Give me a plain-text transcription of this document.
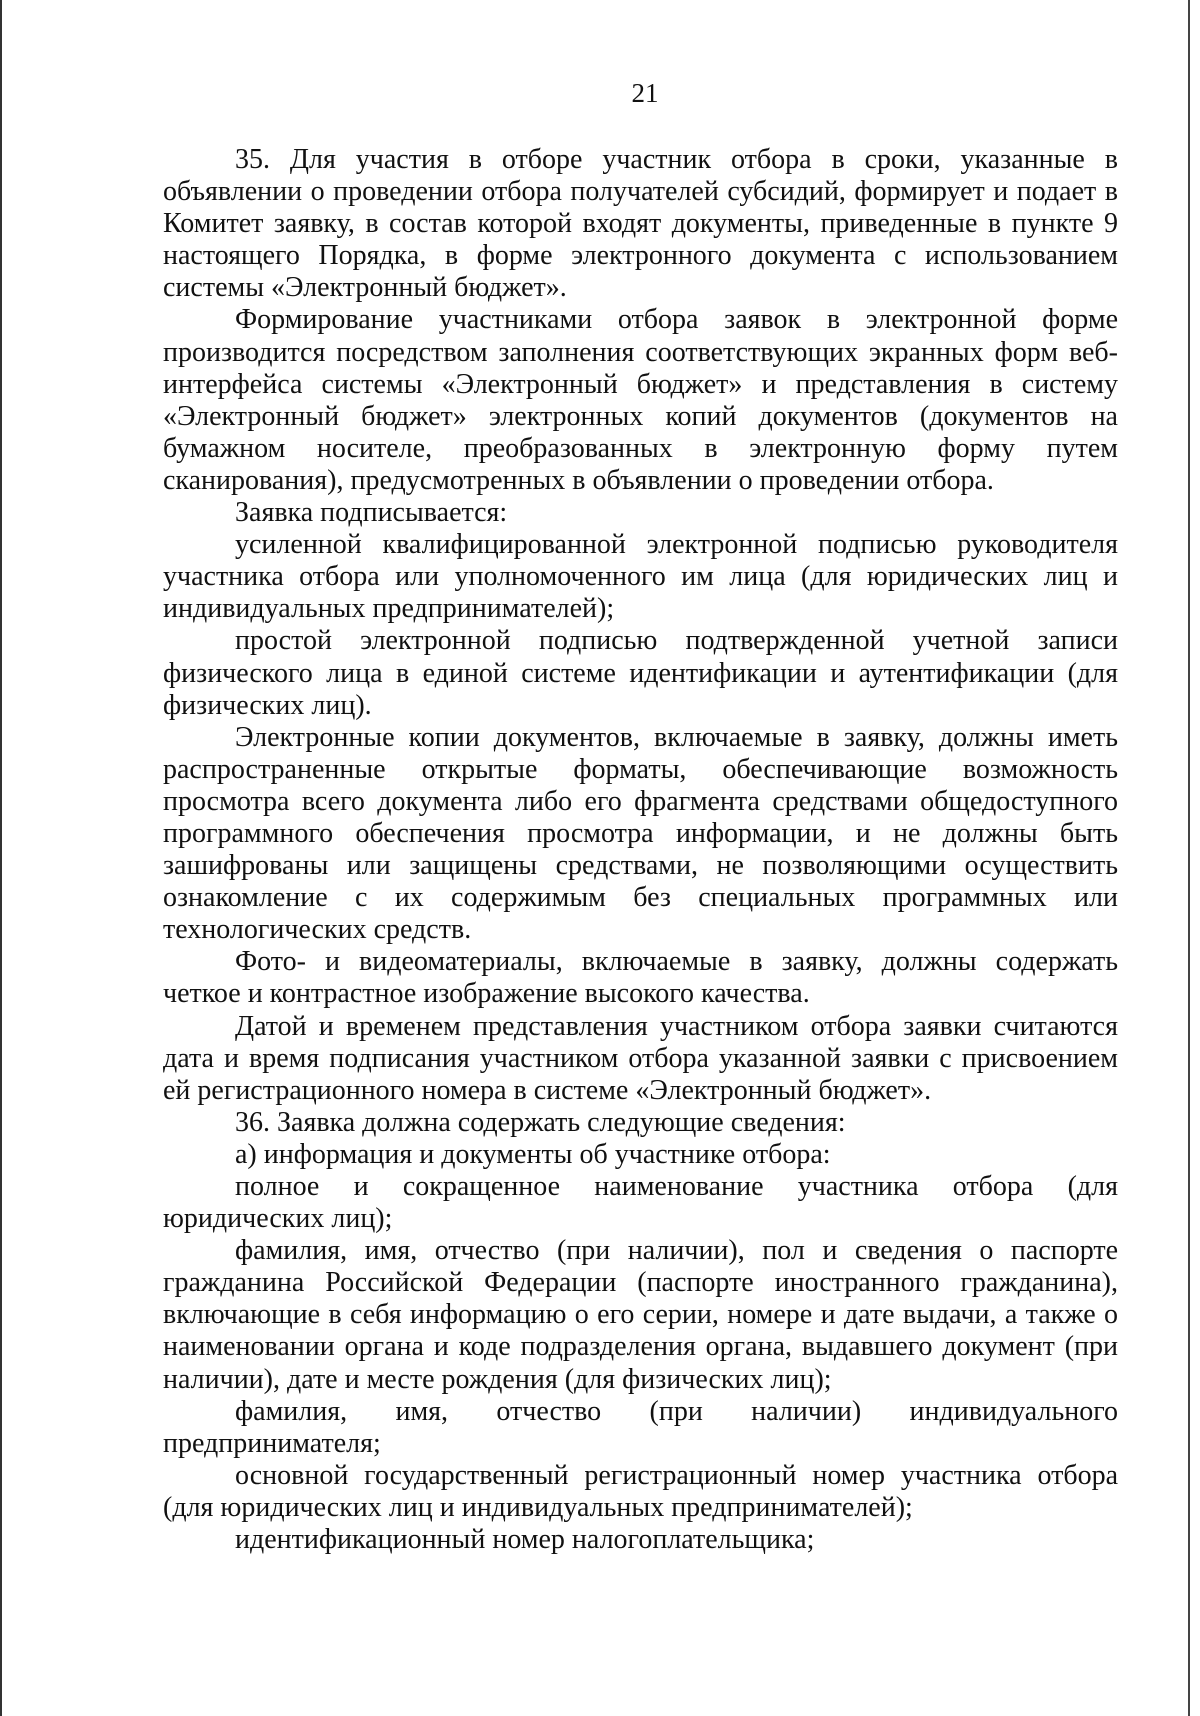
21

35. Для участия в отборе участник отбора в сроки, указанные в объявлении о проведении отбора получателей субсидий, формирует и подает в Комитет заявку, в состав которой входят документы, приведенные в пункте 9 настоящего Порядка, в форме электронного документа с использованием системы «Электронный бюджет».

Формирование участниками отбора заявок в электронной форме производится посредством заполнения соответствующих экранных форм веб-интерфейса системы «Электронный бюджет» и представления в систему «Электронный бюджет» электронных копий документов (документов на бумажном носителе, преобразованных в электронную форму путем сканирования), предусмотренных в объявлении о проведении отбора.

Заявка подписывается:

усиленной квалифицированной электронной подписью руководителя участника отбора или уполномоченного им лица (для юридических лиц и индивидуальных предпринимателей);

простой электронной подписью подтвержденной учетной записи физического лица в единой системе идентификации и аутентификации (для физических лиц).

Электронные копии документов, включаемые в заявку, должны иметь распространенные открытые форматы, обеспечивающие возможность просмотра всего документа либо его фрагмента средствами общедоступного программного обеспечения просмотра информации, и не должны быть зашифрованы или защищены средствами, не позволяющими осуществить ознакомление с их содержимым без специальных программных или технологических средств.

Фото- и видеоматериалы, включаемые в заявку, должны содержать четкое и контрастное изображение высокого качества.

Датой и временем представления участником отбора заявки считаются дата и время подписания участником отбора указанной заявки с присвоением ей регистрационного номера в системе «Электронный бюджет».

36. Заявка должна содержать следующие сведения:

а) информация и документы об участнике отбора:

полное и сокращенное наименование участника отбора (для юридических лиц);

фамилия, имя, отчество (при наличии), пол и сведения о паспорте гражданина Российской Федерации (паспорте иностранного гражданина), включающие в себя информацию о его серии, номере и дате выдачи, а также о наименовании органа и коде подразделения органа, выдавшего документ (при наличии), дате и месте рождения (для физических лиц);

фамилия, имя, отчество (при наличии) индивидуального предпринимателя;

основной государственный регистрационный номер участника отбора (для юридических лиц и индивидуальных предпринимателей);

идентификационный номер налогоплательщика;
